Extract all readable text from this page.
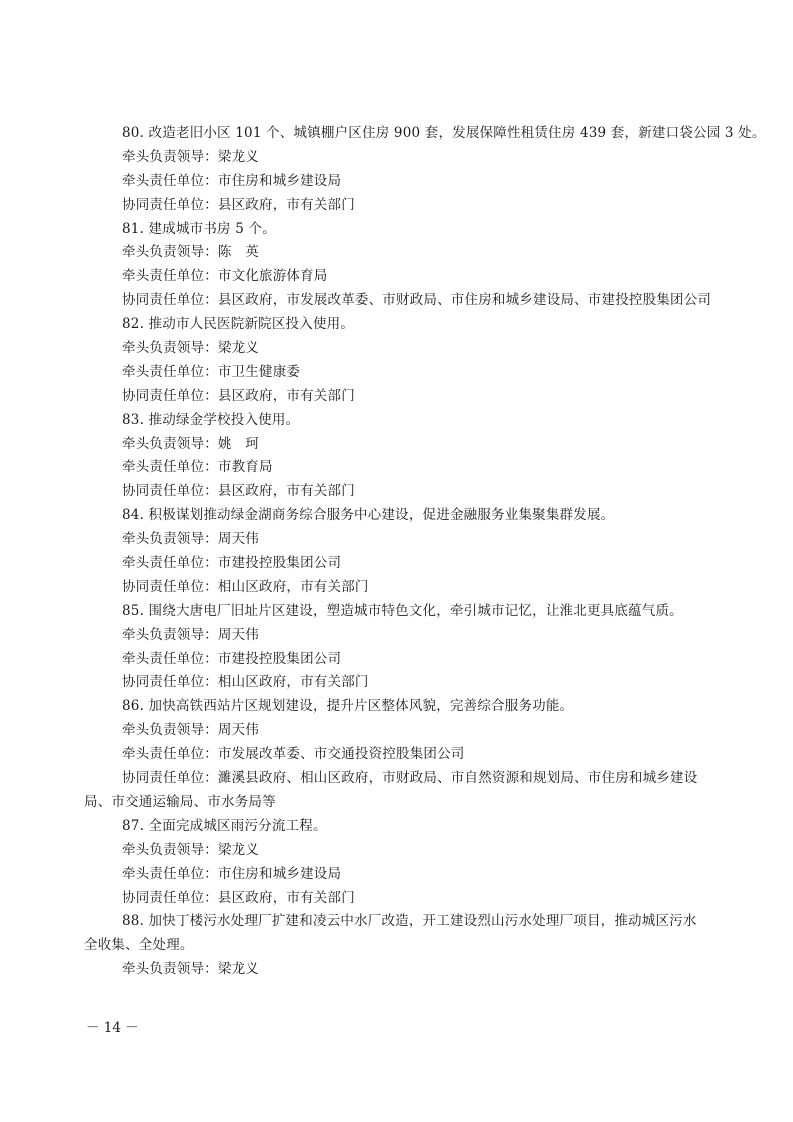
80. 改造老旧小区 101 个、城镇棚户区住房 900 套，发展保障性租赁住房 439 套，新建口袋公园 3 处。
牵头负责领导：梁龙义
牵头责任单位：市住房和城乡建设局
协同责任单位：县区政府，市有关部门
81. 建成城市书房 5 个。
牵头负责领导：陈　英
牵头责任单位：市文化旅游体育局
协同责任单位：县区政府，市发展改革委、市财政局、市住房和城乡建设局、市建投控股集团公司
82. 推动市人民医院新院区投入使用。
牵头负责领导：梁龙义
牵头责任单位：市卫生健康委
协同责任单位：县区政府，市有关部门
83. 推动绿金学校投入使用。
牵头负责领导：姚　珂
牵头责任单位：市教育局
协同责任单位：县区政府，市有关部门
84. 积极谋划推动绿金湖商务综合服务中心建设，促进金融服务业集聚集群发展。
牵头负责领导：周天伟
牵头责任单位：市建投控股集团公司
协同责任单位：相山区政府，市有关部门
85. 围绕大唐电厂旧址片区建设，塑造城市特色文化，牵引城市记忆，让淮北更具底蕴气质。
牵头负责领导：周天伟
牵头责任单位：市建投控股集团公司
协同责任单位：相山区政府，市有关部门
86. 加快高铁西站片区规划建设，提升片区整体风貌，完善综合服务功能。
牵头负责领导：周天伟
牵头责任单位：市发展改革委、市交通投资控股集团公司
协同责任单位：濉溪县政府、相山区政府，市财政局、市自然资源和规划局、市住房和城乡建设局、市交通运输局、市水务局等
87. 全面完成城区雨污分流工程。
牵头负责领导：梁龙义
牵头责任单位：市住房和城乡建设局
协同责任单位：县区政府，市有关部门
88. 加快丁楼污水处理厂扩建和凌云中水厂改造，开工建设烈山污水处理厂项目，推动城区污水全收集、全处理。
牵头负责领导：梁龙义
－ 14 －
